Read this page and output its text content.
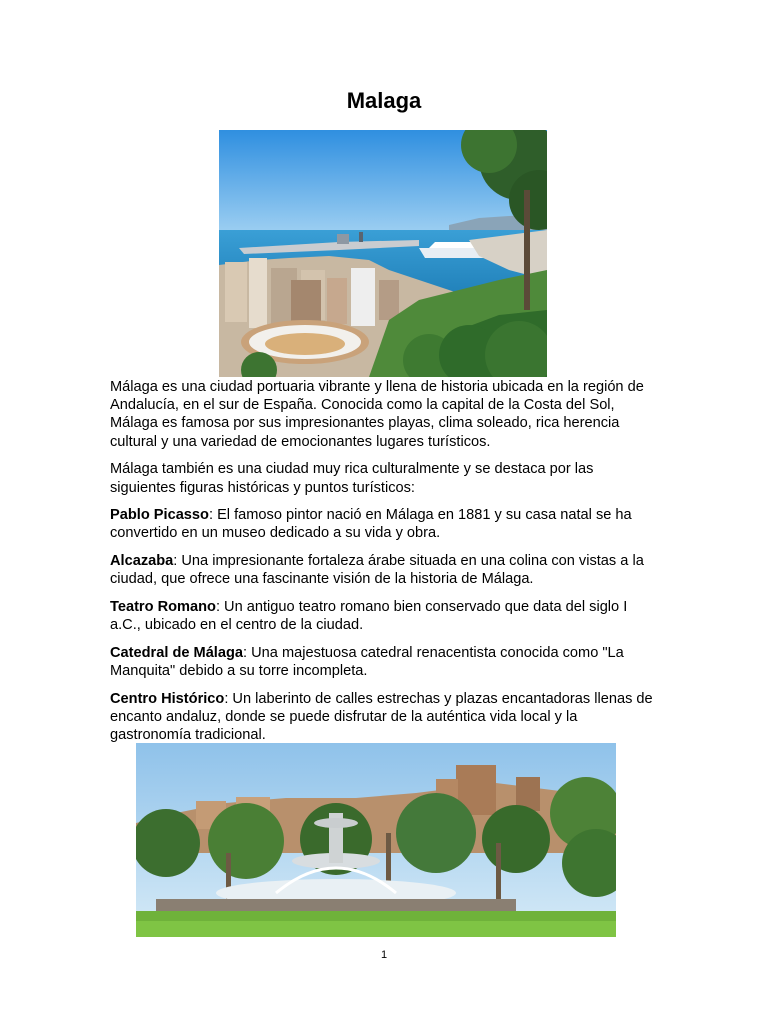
Malaga

Málaga es una ciudad portuaria vibrante y llena de historia ubicada en la región de Andalucía, en el sur de España. Conocida como la capital de la Costa del Sol, Málaga es famosa por sus impresionantes playas, clima soleado, rica herencia cultural y una variedad de emocionantes lugares turísticos.

Málaga también es una ciudad muy rica culturalmente y se destaca por las siguientes figuras históricas y puntos turísticos:

Pablo Picasso: El famoso pintor nació en Málaga en 1881 y su casa natal se ha convertido en un museo dedicado a su vida y obra.

Alcazaba: Una impresionante fortaleza árabe situada en una colina con vistas a la ciudad, que ofrece una fascinante visión de la historia de Málaga.

Teatro Romano: Un antiguo teatro romano bien conservado que data del siglo I a.C., ubicado en el centro de la ciudad.

Catedral de Málaga: Una majestuosa catedral renacentista conocida como "La Manquita" debido a su torre incompleta.

Centro Histórico: Un laberinto de calles estrechas y plazas encantadoras llenas de encanto andaluz, donde se puede disfrutar de la auténtica vida local y la gastronomía tradicional.

1
